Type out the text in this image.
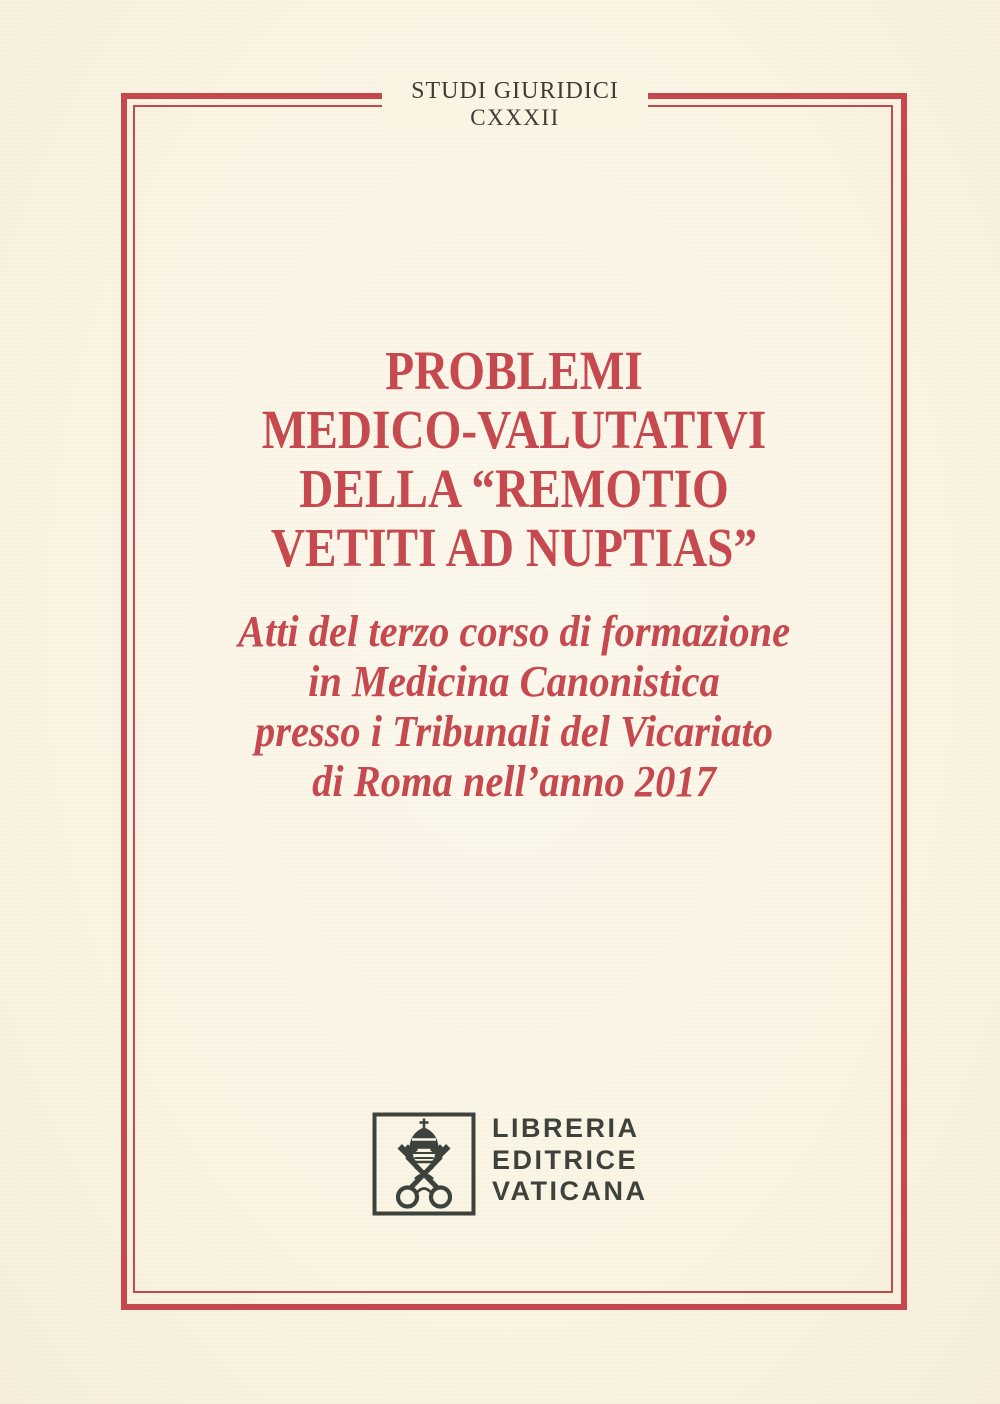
STUDI GIURIDICI
CXXXII
PROBLEMI
MEDICO-VALUTATIVI
DELLA “REMOTIO
VETITI AD NUPTIAS”
Atti del terzo corso di formazione
in Medicina Canonistica
presso i Tribunali del Vicariato
di Roma nell’anno 2017
LIBRERIA
EDITRICE
VATICANA
